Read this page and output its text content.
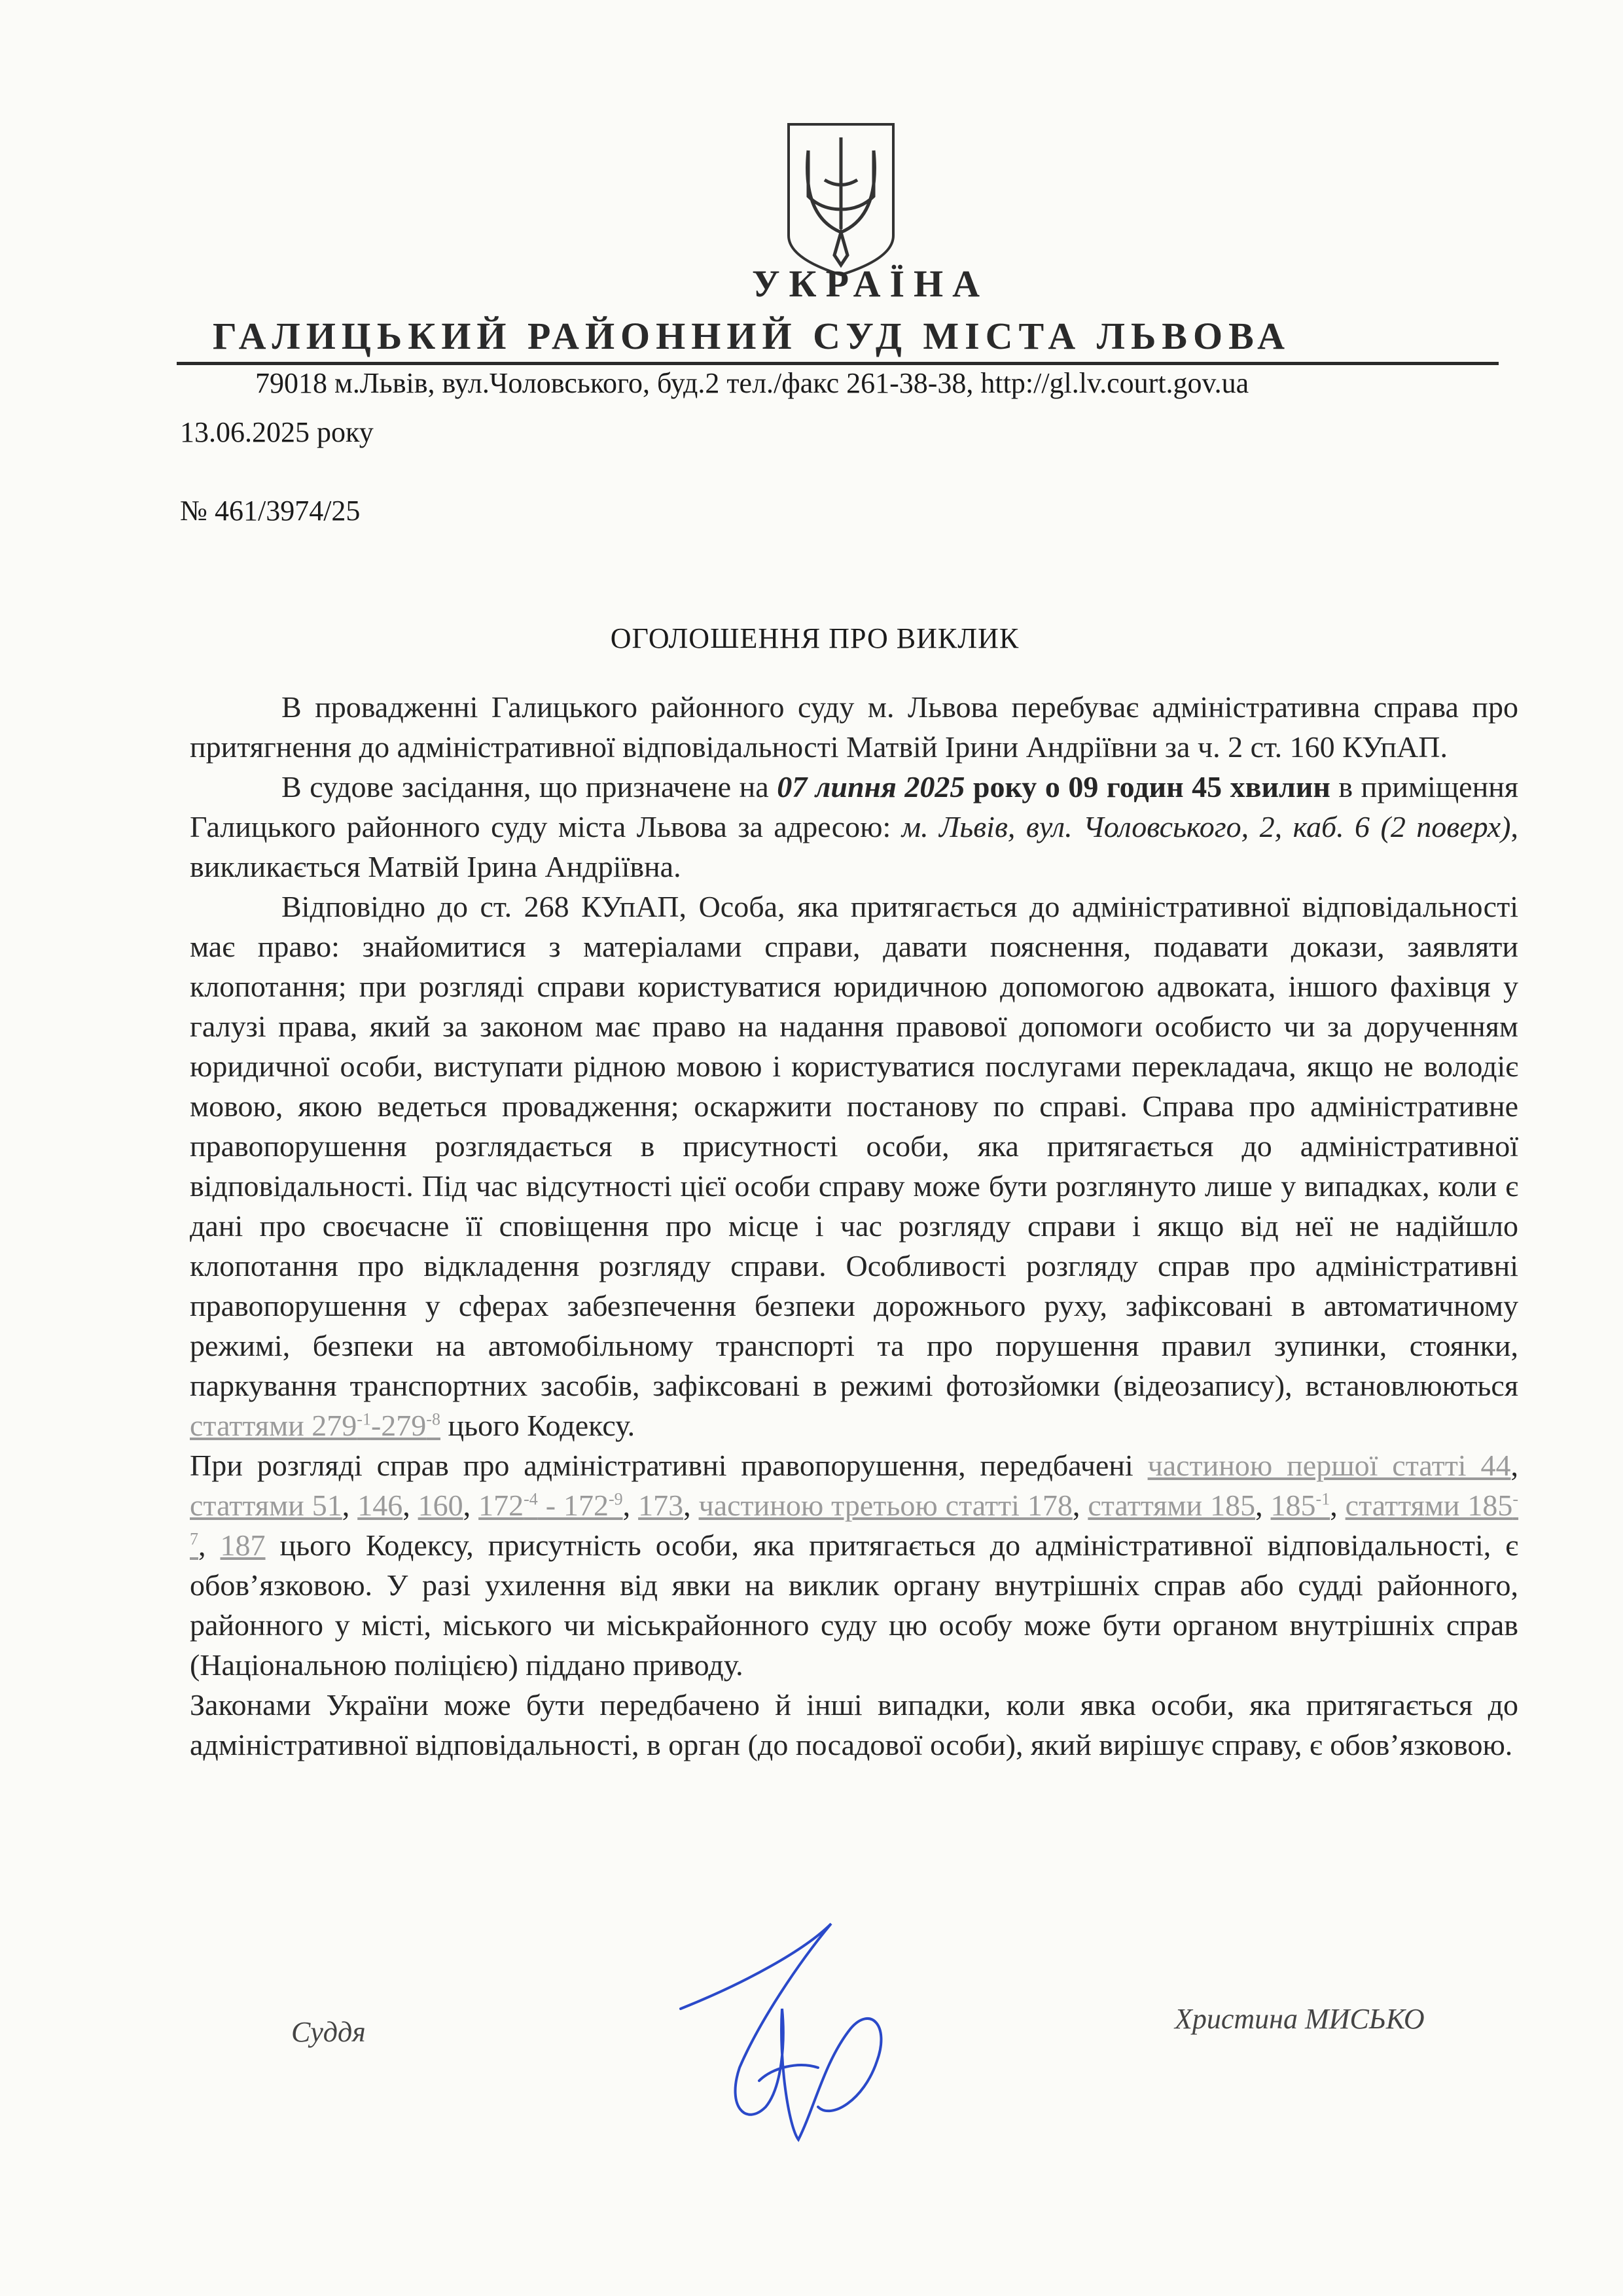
УКРАЇНА
ГАЛИЦЬКИЙ РАЙОННИЙ СУД МІСТА ЛЬВОВА
79018 м.Львів, вул.Чоловського, буд.2 тел./факс 261-38-38, http://gl.lv.court.gov.ua
13.06.2025 року
№ 461/3974/25
ОГОЛОШЕННЯ ПРО ВИКЛИК

В провадженні Галицького районного суду м. Львова перебуває адміністративна справа про притягнення до адміністративної відповідальності Матвій Ірини Андріївни за ч. 2 ст. 160 КУпАП.

В судове засідання, що призначене на 07 липня 2025 року о 09 годин 45 хвилин в приміщення Галицького районного суду міста Львова за адресою: м. Львів, вул. Чоловського, 2, каб. 6 (2 поверх), викликається Матвій Ірина Андріївна.

Відповідно до ст. 268 КУпАП, Особа, яка притягається до адміністративної відповідальності має право: знайомитися з матеріалами справи, давати пояснення, подавати докази, заявляти клопотання; при розгляді справи користуватися юридичною допомогою адвоката, іншого фахівця у галузі права, який за законом має право на надання правової допомоги особисто чи за дорученням юридичної особи, виступати рідною мовою і користуватися послугами перекладача, якщо не володіє мовою, якою ведеться провадження; оскаржити постанову по справі. Справа про адміністративне правопорушення розглядається в присутності особи, яка притягається до адміністративної відповідальності. Під час відсутності цієї особи справу може бути розглянуто лише у випадках, коли є дані про своєчасне її сповіщення про місце і час розгляду справи і якщо від неї не надійшло клопотання про відкладення розгляду справи. Особливості розгляду справ про адміністративні правопорушення у сферах забезпечення безпеки дорожнього руху, зафіксовані в автоматичному режимі, безпеки на автомобільному транспорті та про порушення правил зупинки, стоянки, паркування транспортних засобів, зафіксовані в режимі фотозйомки (відеозапису), встановлюються статтями $279^{-1}-279^{-8}$ цього Кодексу.

При розгляді справ про адміністративні правопорушення, передбачені частиною першої статті 44, статтями 51, 146, 160, $172^{-4} - 172^{-9}$, 173, частиною третьою статті 178, статтями 185, $185^{-1}$, статтями $185^{-7}$, 187 цього Кодексу, присутність особи, яка притягається до адміністративної відповідальності, є обов’язковою. У разі ухилення від явки на виклик органу внутрішніх справ або судді районного, районного у місті, міського чи міськрайонного суду цю особу може бути органом внутрішніх справ (Національною поліцією) піддано приводу.

Законами України може бути передбачено й інші випадки, коли явка особи, яка притягається до адміністративної відповідальності, в орган (до посадової особи), який вирішує справу, є обов’язковою.

Суддя	Христина МИСЬКО
